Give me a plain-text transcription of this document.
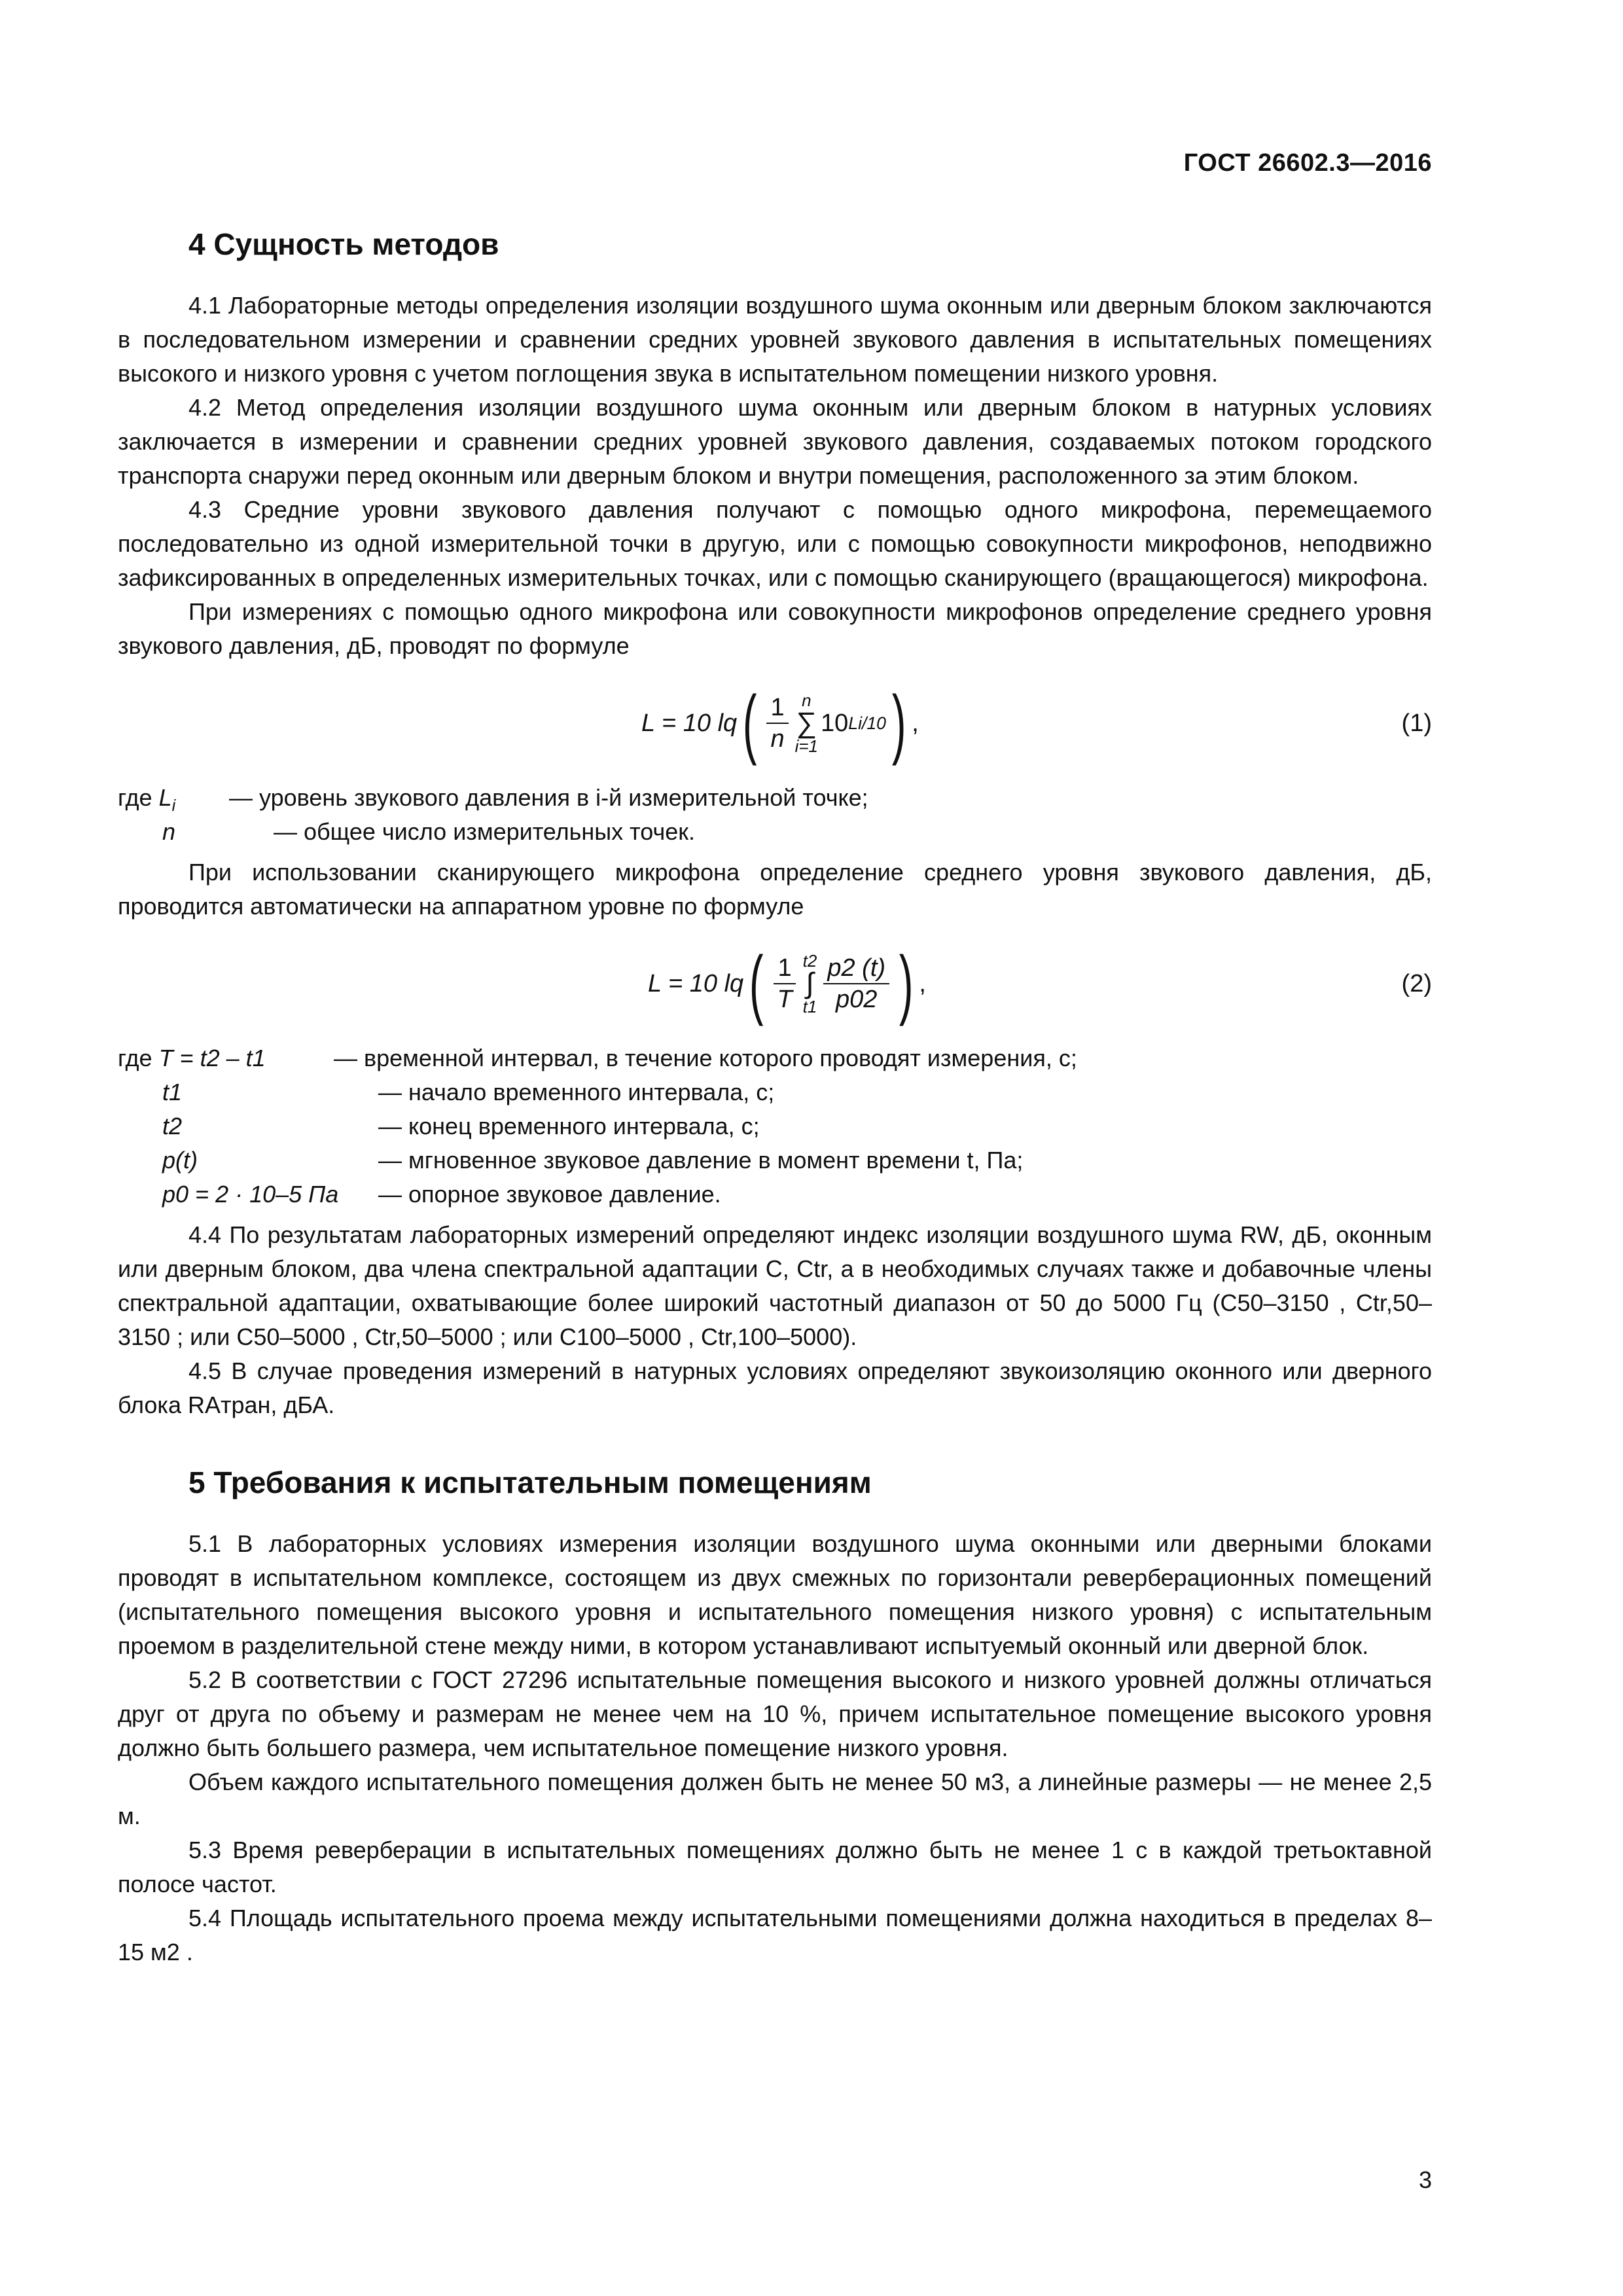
ГОСТ 26602.3—2016
4 Сущность методов

4.1 Лабораторные методы определения изоляции воздушного шума оконным или дверным блоком заключаются в последовательном измерении и сравнении средних уровней звукового давления в испытательных помещениях высокого и низкого уровня с учетом поглощения звука в испытательном помещении низкого уровня.

4.2 Метод определения изоляции воздушного шума оконным или дверным блоком в натурных условиях заключается в измерении и сравнении средних уровней звукового давления, создаваемых потоком городского транспорта снаружи перед оконным или дверным блоком и внутри помещения, расположенного за этим блоком.

4.3 Средние уровни звукового давления получают с помощью одного микрофона, перемещаемого последовательно из одной измерительной точки в другую, или с помощью совокупности микрофонов, неподвижно зафиксированных в определенных измерительных точках, или с помощью сканирующего (вращающегося) микрофона.

При измерениях с помощью одного микрофона или совокупности микрофонов определение среднего уровня звукового давления, дБ, проводят по формуле

L = 10 lq ( $\frac{1}{n}$ n
∑
i=1
10 Li/10 ) ,	(1)
где $L_i$	— уровень звукового давления в i-й измерительной точке;
n	— общее число измерительных точек.

При использовании сканирующего микрофона определение среднего уровня звукового давления, дБ, проводится автоматически на аппаратном уровне по формуле

L = 10 lq ( $\frac{1}{T} t2$
∫
$t1 \frac{p2 (t)}{p02}$ ) ,	(2)
где T = t2 – t1	— временной интервал, в течение которого проводят измерения, с;
t1	— начало временного интервала, с;
t2	— конец временного интервала, с;
p(t)	— мгновенное звуковое давление в момент времени t, Па;
p0 = 2 · 10–5 Па	— опорное звуковое давление.

4.4 По результатам лабораторных измерений определяют индекс изоляции воздушного шума RW, дБ, оконным или дверным блоком, два члена спектральной адаптации C, Ctr, а в необходимых случаях также и добавочные члены спектральной адаптации, охватывающие более широкий частотный диапазон от 50 до 5000 Гц (C50–3150 , Ctr,50–3150 ; или C50–5000 , Ctr,50–5000 ; или C100–5000 , Ctr,100–5000).

4.5 В случае проведения измерений в натурных условиях определяют звукоизоляцию оконного или дверного блока RAтран, дБА.

5 Требования к испытательным помещениям

5.1 В лабораторных условиях измерения изоляции воздушного шума оконными или дверными блоками проводят в испытательном комплексе, состоящем из двух смежных по горизонтали реверберационных помещений (испытательного помещения высокого уровня и испытательного помещения низкого уровня) с испытательным проемом в разделительной стене между ними, в котором устанавливают испытуемый оконный или дверной блок.

5.2 В соответствии с ГОСТ 27296 испытательные помещения высокого и низкого уровней должны отличаться друг от друга по объему и размерам не менее чем на 10 %, причем испытательное помещение высокого уровня должно быть большего размера, чем испытательное помещение низкого уровня.

Объем каждого испытательного помещения должен быть не менее 50 м3, а линейные размеры — не менее 2,5 м.

5.3 Время реверберации в испытательных помещениях должно быть не менее 1 с в каждой третьоктавной полосе частот.

5.4 Площадь испытательного проема между испытательными помещениями должна находиться в пределах 8–15 м2 .

3
